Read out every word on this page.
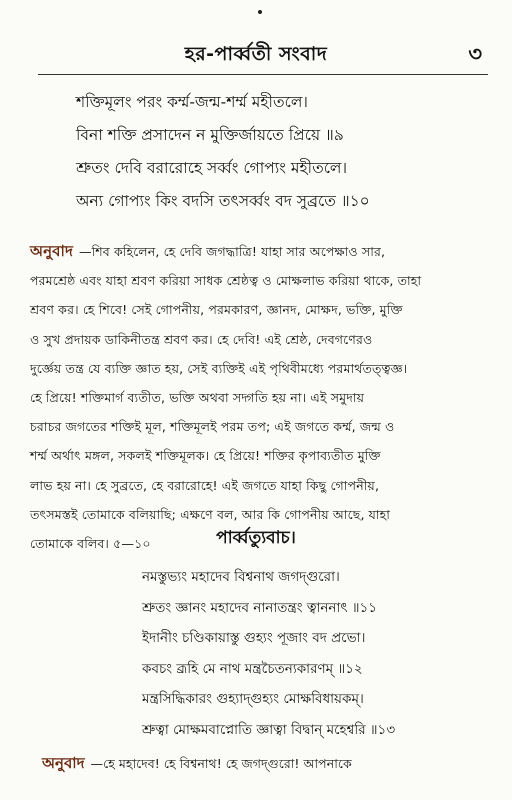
হর-পার্ব্বতী সংবাদ	৩
শক্তিমূলং পরং কর্ম্ম-জন্ম-শর্ম্ম মহীতলে।
বিনা শক্তি প্রসাদেন ন মুক্তির্জায়তে প্রিয়ে ॥৯
শ্রুতং দেবি বরারোহে সর্ব্বং গোপ্যং মহীতলে।
অন্য গোপ্যং কিং বদসি তৎসর্ব্বং বদ সুব্রতে ॥১০
অনুবাদ —শিব কহিলেন, হে দেবি জগদ্ধাত্রি! যাহা সার অপেক্ষাও সার,
পরমশ্রেষ্ঠ এবং যাহা শ্রবণ করিয়া সাধক শ্রেষ্ঠত্ব ও মোক্ষলাভ করিয়া থাকে, তাহা
শ্রবণ কর। হে শিবে! সেই গোপনীয়, পরমকারণ, জ্ঞানদ, মোক্ষদ, ভক্তি, মুক্তি
ও সুখ প্রদায়ক ডাকিনীতন্ত্র শ্রবণ কর। হে দেবি! এই শ্রেষ্ঠ, দেবগণেরও
দুর্জ্ঞেয় তন্ত্র যে ব্যক্তি জ্ঞাত হয়, সেই ব্যক্তিই এই পৃথিবীমধ্যে পরমার্থতত্ত্বজ্ঞ।
হে প্রিয়ে! শক্তিমার্গ ব্যতীত, ভক্তি অথবা সদ্গতি হয় না। এই সমুদায়
চরাচর জগতের শক্তিই মূল, শক্তিমূলই পরম তপ; এই জগতে কর্ম্ম, জন্ম ও
শর্ম্ম অর্থাৎ মঙ্গল, সকলই শক্তিমূলক। হে প্রিয়ে! শক্তির কৃপাব্যতীত মুক্তি
লাভ হয় না। হে সুব্রতে, হে বরারোহে! এই জগতে যাহা কিছু গোপনীয়,
তৎসমস্তই তোমাকে বলিয়াছি; এক্ষণে বল, আর কি গোপনীয় আছে, যাহা
তোমাকে বলিব। ৫—১০	পার্ব্বত্যুবাচ।
নমস্তুভ্যং মহাদেব বিশ্বনাথ জগদ্গুরো।
শ্রুতং জ্ঞানং মহাদেব নানাতন্ত্রং ত্বাননাৎ ॥১১
ইদানীং চণ্ডিকায়াস্তু গুহ্যং পূজাং বদ প্রভো।
কবচং ব্রূহি মে নাথ মন্ত্রচৈতন্যকারণম্ ॥১২
মন্ত্রসিদ্ধিকারং গুহ্যাদ্গুহ্যং মোক্ষবিধায়কম্।
শ্রুত্বা মোক্ষমবাপ্নোতি জ্ঞাত্বা বিদ্বান্ মহেশ্বরি ॥১৩
অনুবাদ —হে মহাদেব! হে বিশ্বনাথ! হে জগদ্গুরো! আপনাকে
